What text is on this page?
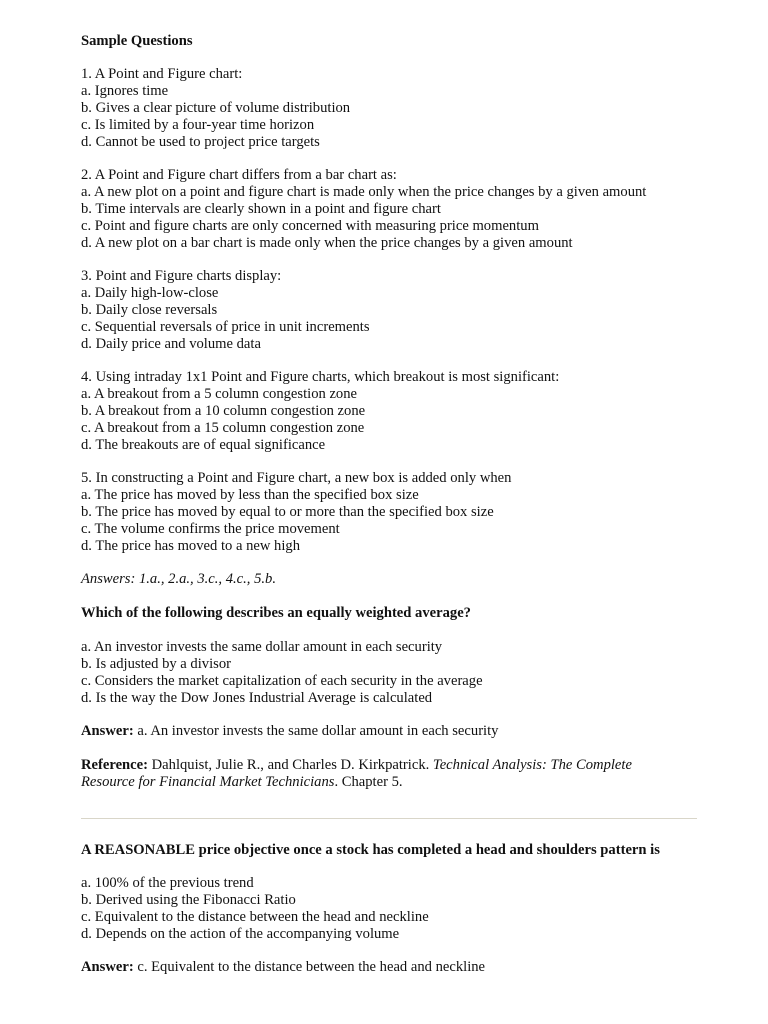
Sample Questions
1. A Point and Figure chart:
a. Ignores time
b. Gives a clear picture of volume distribution
c. Is limited by a four-year time horizon
d. Cannot be used to project price targets
2. A Point and Figure chart differs from a bar chart as:
a. A new plot on a point and figure chart is made only when the price changes by a given amount
b. Time intervals are clearly shown in a point and figure chart
c. Point and figure charts are only concerned with measuring price momentum
d. A new plot on a bar chart is made only when the price changes by a given amount
3. Point and Figure charts display:
a. Daily high-low-close
b. Daily close reversals
c. Sequential reversals of price in unit increments
d. Daily price and volume data
4. Using intraday 1x1 Point and Figure charts, which breakout is most significant:
a. A breakout from a 5 column congestion zone
b. A breakout from a 10 column congestion zone
c. A breakout from a 15 column congestion zone
d. The breakouts are of equal significance
5. In constructing a Point and Figure chart, a new box is added only when
a. The price has moved by less than the specified box size
b. The price has moved by equal to or more than the specified box size
c. The volume confirms the price movement
d. The price has moved to a new high
Answers: 1.a., 2.a., 3.c., 4.c., 5.b.
Which of the following describes an equally weighted average?
a. An investor invests the same dollar amount in each security
b. Is adjusted by a divisor
c. Considers the market capitalization of each security in the average
d. Is the way the Dow Jones Industrial Average is calculated
Answer: a. An investor invests the same dollar amount in each security
Reference: Dahlquist, Julie R., and Charles D. Kirkpatrick. Technical Analysis: The Complete
Resource for Financial Market Technicians. Chapter 5.
A REASONABLE price objective once a stock has completed a head and shoulders pattern is
a. 100% of the previous trend
b. Derived using the Fibonacci Ratio
c. Equivalent to the distance between the head and neckline
d. Depends on the action of the accompanying volume
Answer: c. Equivalent to the distance between the head and neckline
